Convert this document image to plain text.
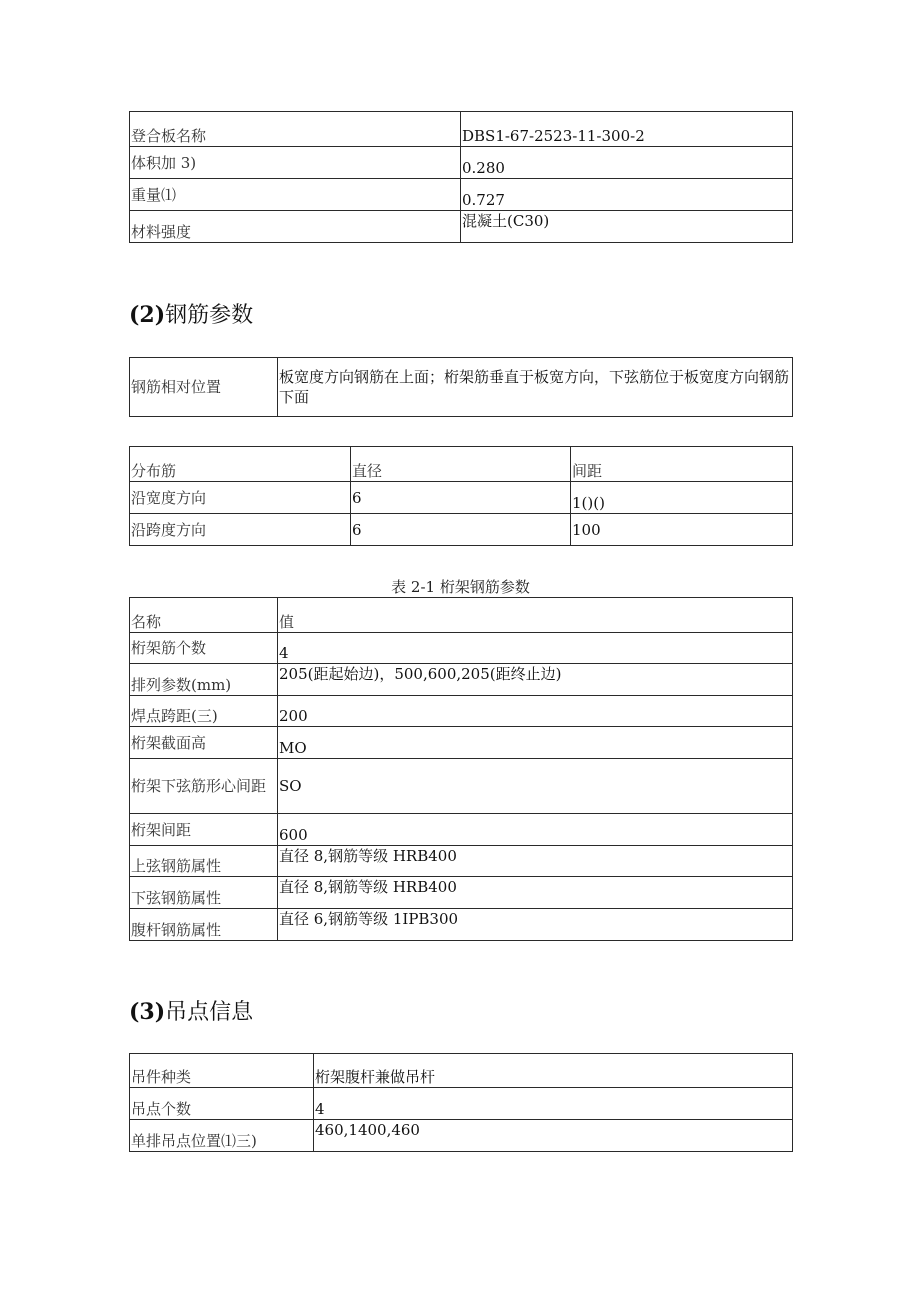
登合板名称	DBS1-67-2523-11-300-2
体积加 3)	0.280
重量⑴	0.727
材料强度	混凝土(C30)
(2)钢筋参数
钢筋相对位置	板宽度方向钢筋在上面；桁架筋垂直于板宽方向，下弦筋位于板宽度方向钢筋下面
分布筋	直径	间距
沿宽度方向	6	1()()
沿跨度方向	6	100
表 2-1 桁架钢筋参数
名称	值
桁架筋个数	4
排列参数(mm)	205(距起始边)，500,600,205(距终止边)
焊点跨距(三)	200
桁架截面高	MO
桁架下弦筋形心间距	SO
桁架间距	600
上弦钢筋属性	直径 8,钢筋等级 HRB400
下弦钢筋属性	直径 8,钢筋等级 HRB400
腹杆钢筋属性	直径 6,钢筋等级 1IPB300
(3)吊点信息
吊件种类	桁架腹杆兼做吊杆
吊点个数	4
单排吊点位置⑴三)	460,1400,460
